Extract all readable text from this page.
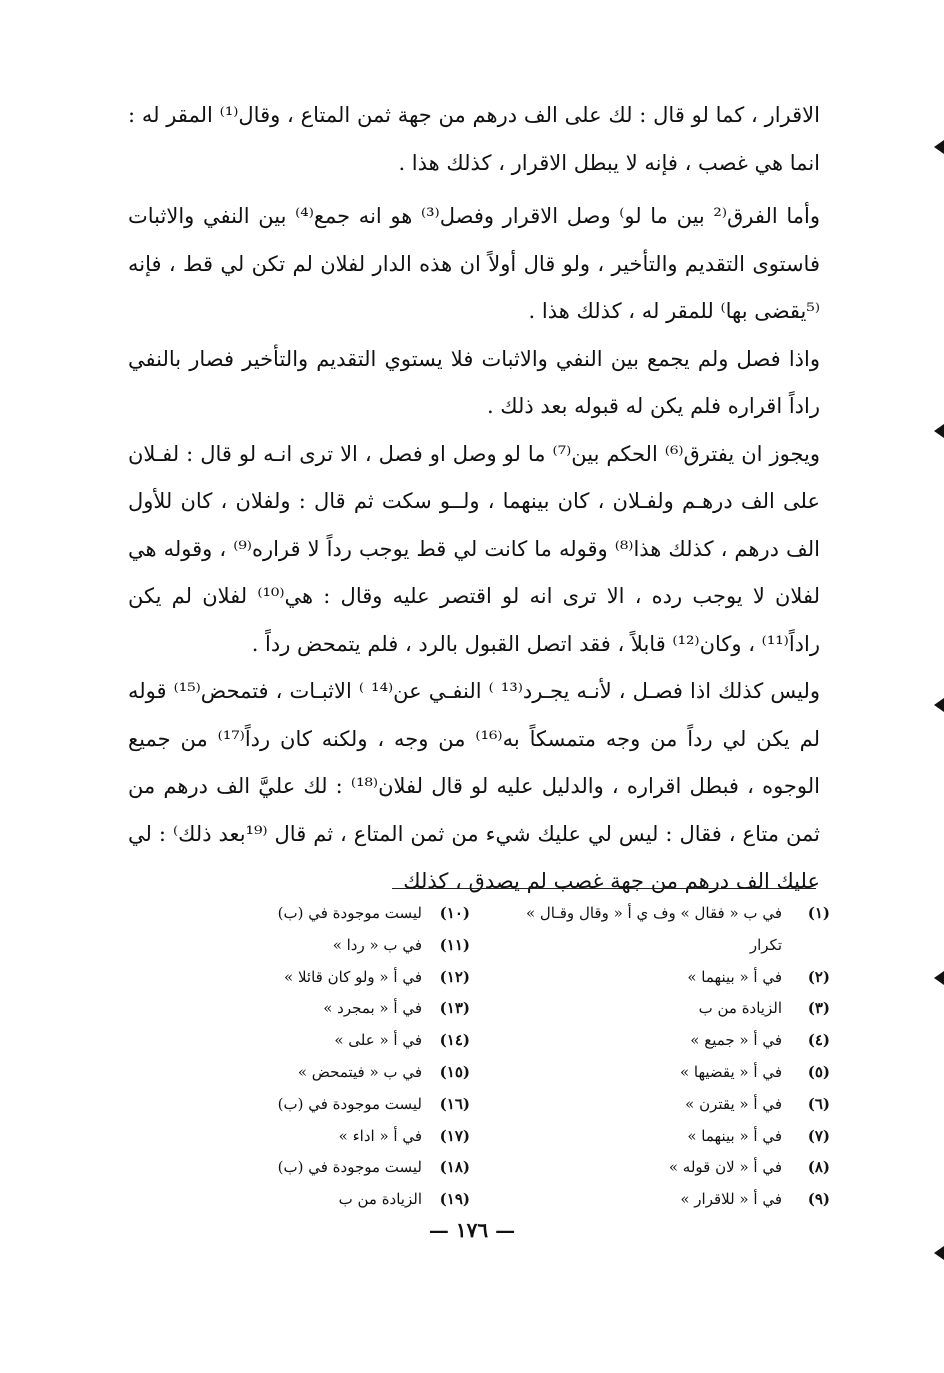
الاقرار ، كما لو قال : لك على الف درهم من جهة ثمن المتاع ، وقال⁽¹⁾ المقر له : انما هي غصب ، فإنه لا يبطل الاقرار ، كذلك هذا .

وأما الفرق⁽² بين ما لو⁾ وصل الاقرار وفصل⁽³⁾ هو انه جمع⁽⁴⁾ بين النفي والاثبات فاستوى التقديم والتأخير ، ولو قال أولاً ان هذه الدار لفلان لم تكن لي قط ، فإنه ⁽⁵يقضى بها⁾ للمقر له ، كذلك هذا .

واذا فصل ولم يجمع بين النفي والاثبات فلا يستوي التقديم والتأخير فصار بالنفي راداً اقراره فلم يكن له قبوله بعد ذلك .

ويجوز ان يفترق⁽⁶⁾ الحكم بين⁽⁷⁾ ما لو وصل او فصل ، الا ترى انـه لو قال : لفـلان على الف درهـم ولفـلان ، كان بينهما ، ولــو سكت ثم قال : ولفلان ، كان للأول الف درهم ، كذلك هذا⁽⁸⁾ وقوله ما كانت لي قط يوجب رداً لا قراره⁽⁹⁾ ، وقوله هي لفلان لا يوجب رده ، الا ترى انه لو اقتصر عليه وقال : هي⁽¹⁰⁾ لفلان لم يكن راداً⁽¹¹⁾ ، وكان⁽¹²⁾ قابلاً ، فقد اتصل القبول بالرد ، فلم يتمحض رداً .

وليس كذلك اذا فصـل ، لأنـه يجـرد⁽¹³ ⁾ النفـي عن⁽¹⁴ ⁾ الاثبـات ، فتمحض⁽¹⁵⁾ قوله لم يكن لي رداً من وجه متمسكاً به⁽¹⁶⁾ من وجه ، ولكنه كان رداً⁽¹⁷⁾ من جميع الوجوه ، فبطل اقراره ، والدليل عليه لو قال لفلان⁽¹⁸⁾ : لك عليَّ الف درهم من ثمن متاع ، فقال : ليس لي عليك شيء من ثمن المتاع ، ثم قال ⁽¹⁹بعد ذلك⁾ : لي عليك الف درهم من جهة غصب لم يصدق ، كذلك

(١)
في ب « فقال » وف ي أ « وقال وقـال »
تكرار
(٢)
في أ « بينهما »
(٣)
الزيادة من ب
(٤)
في أ « جميع »
(٥)
في أ « يقضيها »
(٦)
في أ « يقترن »
(٧)
في أ « بينهما »
(٨)
في أ « لان قوله »
(٩)
في أ « للاقرار »
(١٠)
ليست موجودة في (ب)
(١١)
في ب « ردا »
(١٢)
في أ « ولو كان قائلا »
(١٣)
في أ « بمجرد »
(١٤)
في أ « على »
(١٥)
في ب « فيتمحض »
(١٦)
ليست موجودة في (ب)
(١٧)
في أ « اداء »
(١٨)
ليست موجودة في (ب)
(١٩)
الزيادة من ب
— ١٧٦ —
